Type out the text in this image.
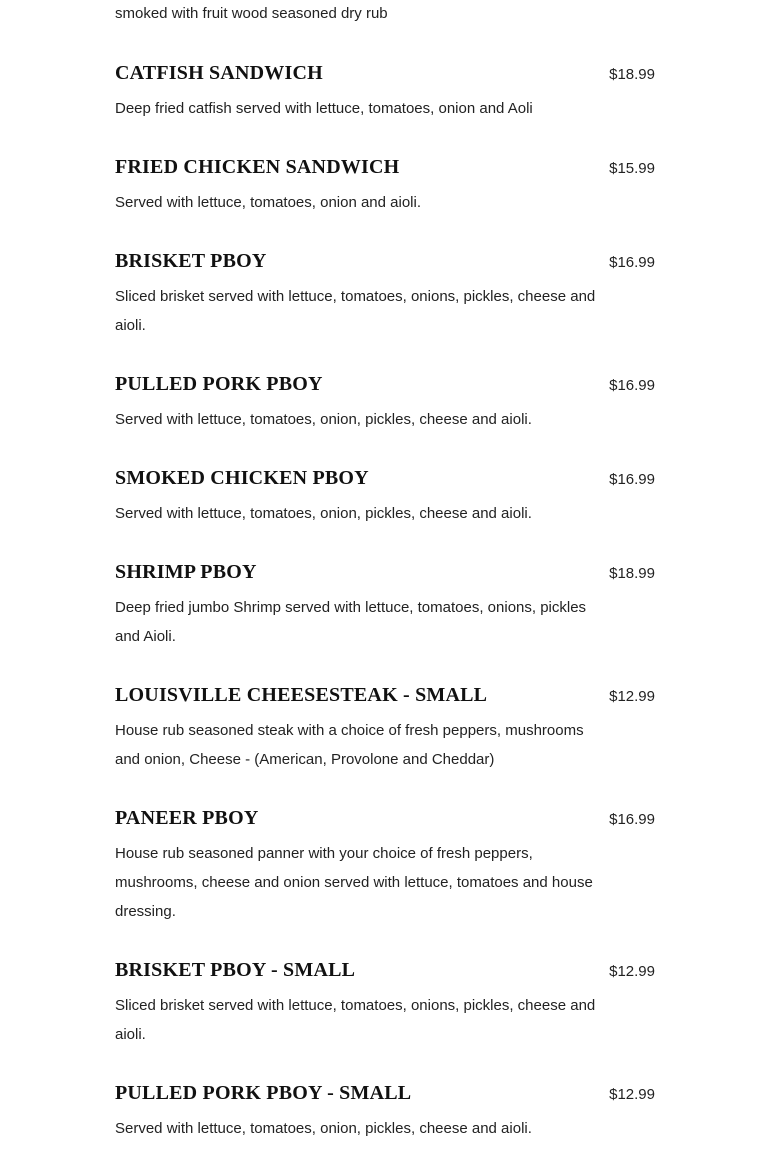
smoked with fruit wood seasoned dry rub

CATFISH SANDWICH	$18.99

Deep fried catfish served with lettuce, tomatoes, onion and Aoli

FRIED CHICKEN SANDWICH	$15.99

Served with lettuce, tomatoes, onion and aioli.

BRISKET PBOY	$16.99

Sliced brisket served with lettuce, tomatoes, onions, pickles, cheese and aioli.

PULLED PORK PBOY	$16.99

Served with lettuce, tomatoes, onion, pickles, cheese and aioli.

SMOKED CHICKEN PBOY	$16.99

Served with lettuce, tomatoes, onion, pickles, cheese and aioli.

SHRIMP PBOY	$18.99

Deep fried jumbo Shrimp served with lettuce, tomatoes, onions, pickles and Aioli.

LOUISVILLE CHEESESTEAK - SMALL	$12.99

House rub seasoned steak with a choice of fresh peppers, mushrooms and onion, Cheese - (American, Provolone and Cheddar)

PANEER PBOY	$16.99

House rub seasoned panner with your choice of fresh peppers, mushrooms, cheese and onion served with lettuce, tomatoes and house dressing.

BRISKET PBOY - SMALL	$12.99

Sliced brisket served with lettuce, tomatoes, onions, pickles, cheese and aioli.

PULLED PORK PBOY - SMALL	$12.99

Served with lettuce, tomatoes, onion, pickles, cheese and aioli.
